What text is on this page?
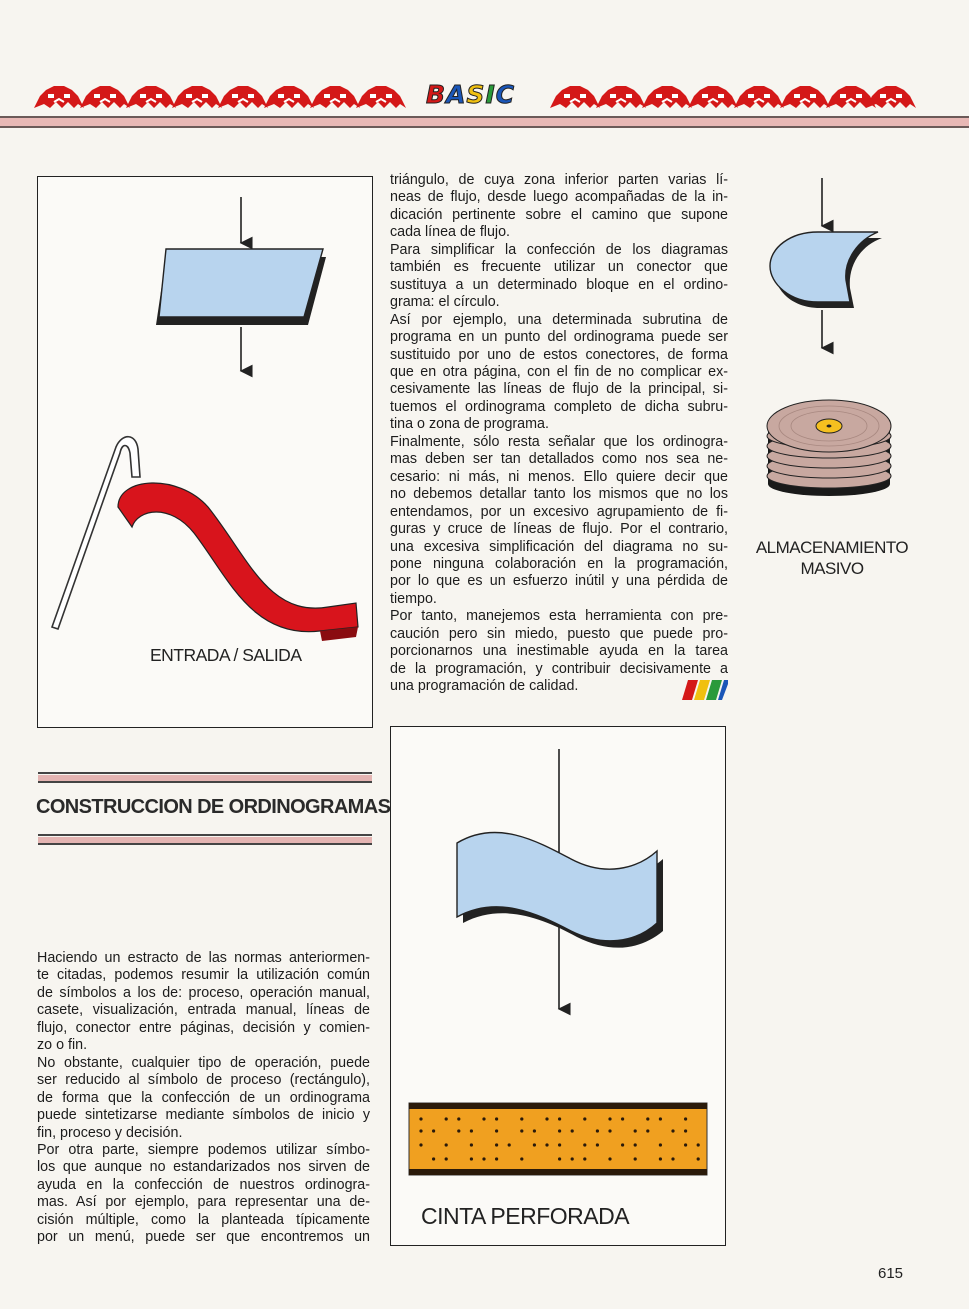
BASIC
ENTRADA / SALIDA
triángulo, de cuya zona inferior parten varias lí-
neas de flujo, desde luego acompañadas de la in-
dicación pertinente sobre el camino que supone
cada línea de flujo.
Para simplificar la confección de los diagramas
también es frecuente utilizar un conector que
sustituya a un determinado bloque en el ordino-
grama: el círculo.
Así por ejemplo, una determinada subrutina de
programa en un punto del ordinograma puede ser
sustituido por uno de estos conectores, de forma
que en otra página, con el fin de no complicar ex-
cesivamente las líneas de flujo de la principal, si-
tuemos el ordinograma completo de dicha subru-
tina o zona de programa.
Finalmente, sólo resta señalar que los ordinogra-
mas deben ser tan detallados como nos sea ne-
cesario: ni más, ni menos. Ello quiere decir que
no debemos detallar tanto los mismos que no los
entendamos, por un excesivo agrupamiento de fi-
guras y cruce de líneas de flujo. Por el contrario,
una excesiva simplificación del diagrama no su-
pone ninguna colaboración en la programación,
por lo que es un esfuerzo inútil y una pérdida de
tiempo.
Por tanto, manejemos esta herramienta con pre-
caución pero sin miedo, puesto que puede pro-
porcionarnos una inestimable ayuda en la tarea
de la programación, y contribuir decisivamente a
una programación de calidad.
ALMACENAMIENTO
MASIVO
CINTA PERFORADA
CONSTRUCCION DE ORDINOGRAMAS
Haciendo un estracto de las normas anteriormen-
te citadas, podemos resumir la utilización común
de símbolos a los de: proceso, operación manual,
casete, visualización, entrada manual, líneas de
flujo, conector entre páginas, decisión y comien-
zo o fin.
No obstante, cualquier tipo de operación, puede
ser reducido al símbolo de proceso (rectángulo),
de forma que la confección de un ordinograma
puede sintetizarse mediante símbolos de inicio y
fin, proceso y decisión.
Por otra parte, siempre podemos utilizar símbo-
los que aunque no estandarizados nos sirven de
ayuda en la confección de nuestros ordinogra-
mas. Así por ejemplo, para representar una de-
cisión múltiple, como la planteada típicamente
por un menú, puede ser que encontremos un
615
